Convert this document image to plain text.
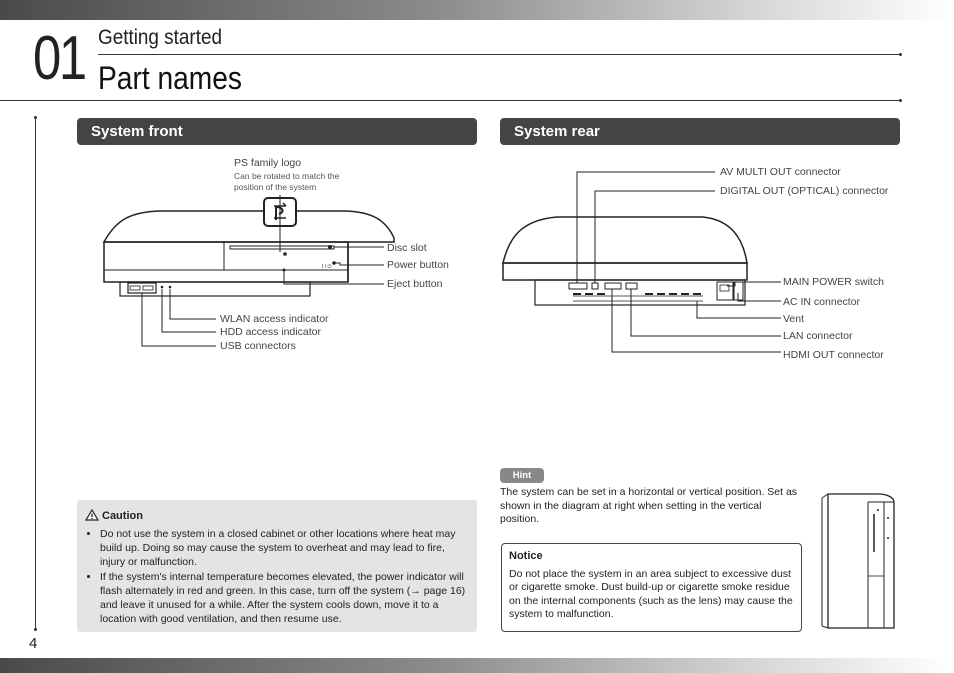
01 Getting started
Part names
System front	System rear
I / ⏻
PS family logo
Can be rotated to match the
position of the system
Disc slot
Power button
Eject button
WLAN access indicator
HDD access indicator
USB connectors
AV MULTI OUT connector
DIGITAL OUT (OPTICAL) connector
MAIN POWER switch
AC IN connector
Vent
LAN connector
HDMI OUT connector
Caution
• Do not use the system in a closed cabinet or other locations where heat may build up. Doing so may cause the system to overheat and may lead to fire, injury or malfunction.
• If the system's internal temperature becomes elevated, the power indicator will flash alternately in red and green. In this case, turn off the system (→ page 16) and leave it unused for a while. After the system cools down, move it to a location with good ventilation, and then resume use.
Hint
The system can be set in a horizontal or vertical position. Set as shown in the diagram at right when setting in the vertical position.
Notice
Do not place the system in an area subject to excessive dust or cigarette smoke. Dust build-up or cigarette smoke residue on the internal components (such as the lens) may cause the system to malfunction.
4
